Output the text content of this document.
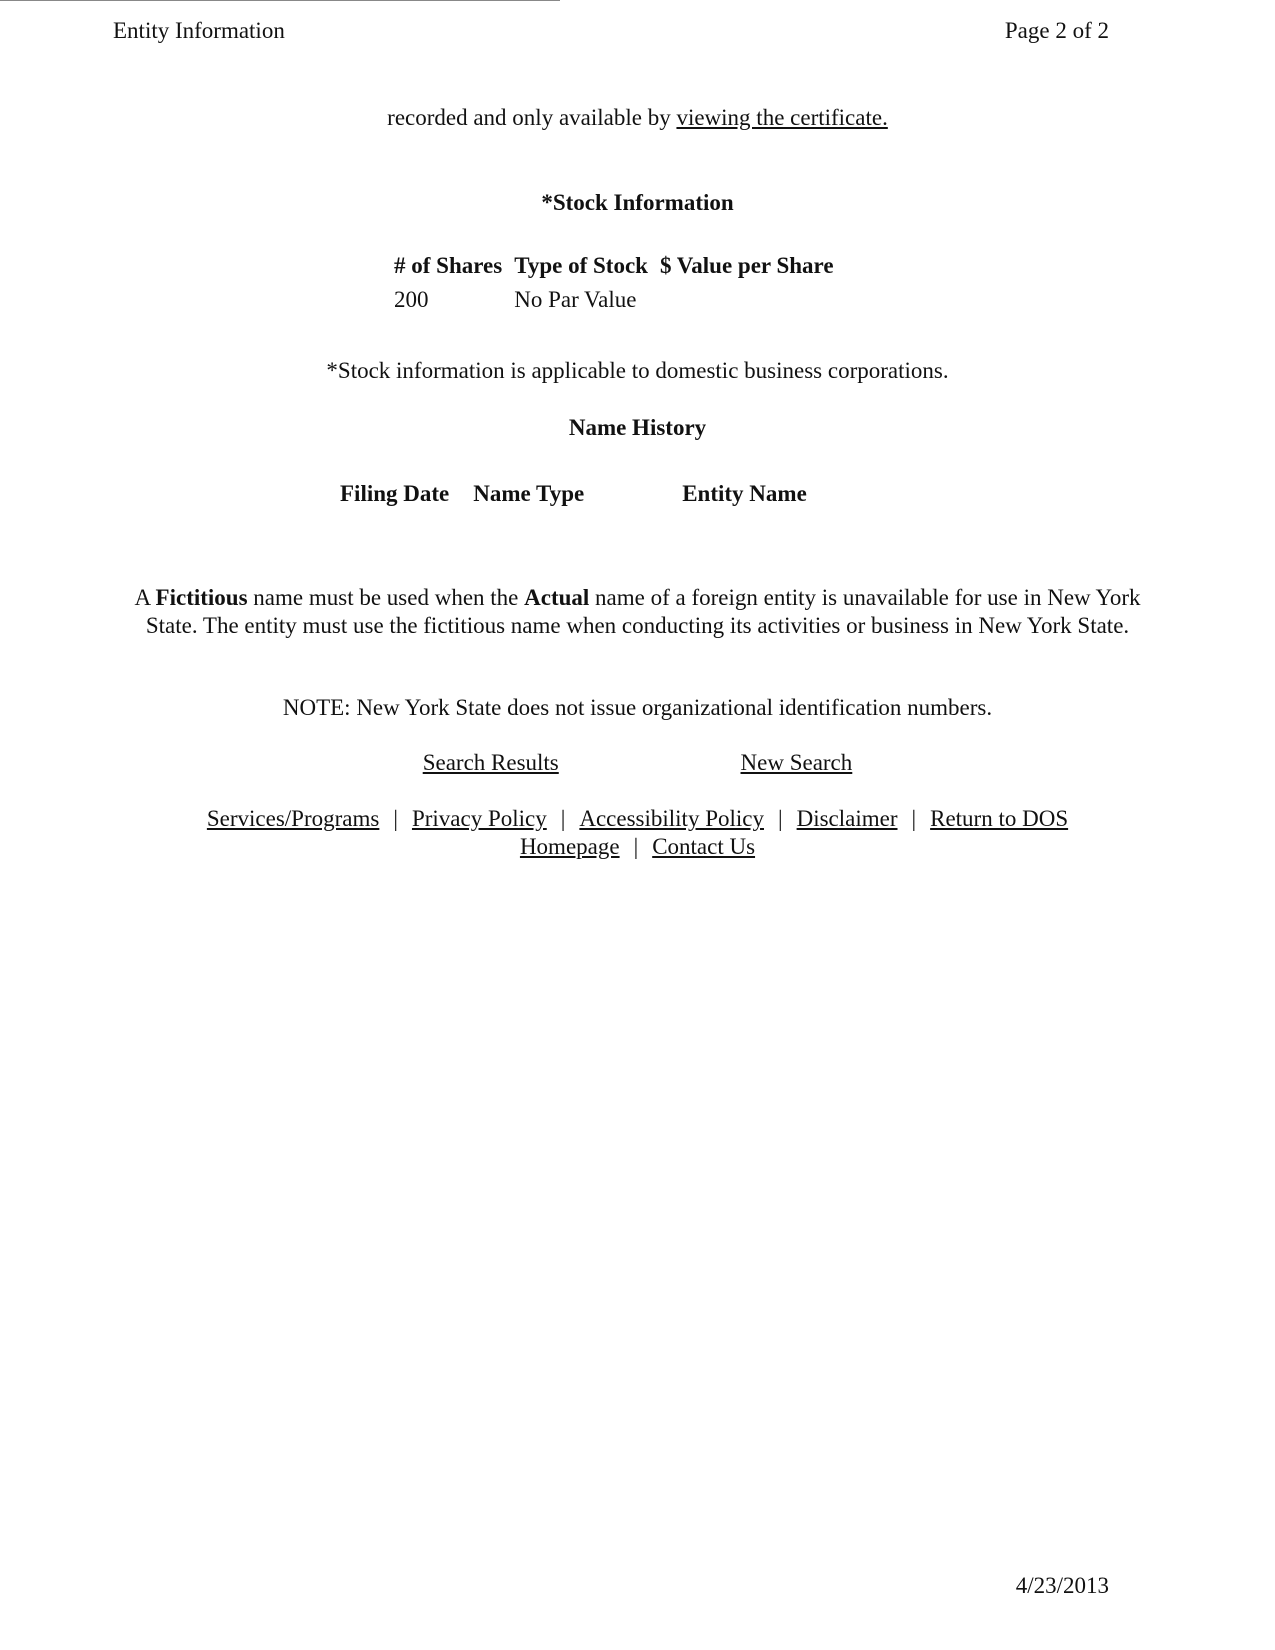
Entity Information	Page 2 of 2
recorded and only available by viewing the certificate.
*Stock Information
# of Shares	Type of Stock	$ Value per Share
200	No Par Value	
*Stock information is applicable to domestic business corporations.
Name History
Filing Date	Name Type	Entity Name
A Fictitious name must be used when the Actual name of a foreign entity is unavailable for use in New York State. The entity must use the fictitious name when conducting its activities or business in New York State.
NOTE: New York State does not issue organizational identification numbers.
Search Results	New Search
Services/Programs | Privacy Policy | Accessibility Policy | Disclaimer | Return to DOS Homepage | Contact Us
4/23/2013
